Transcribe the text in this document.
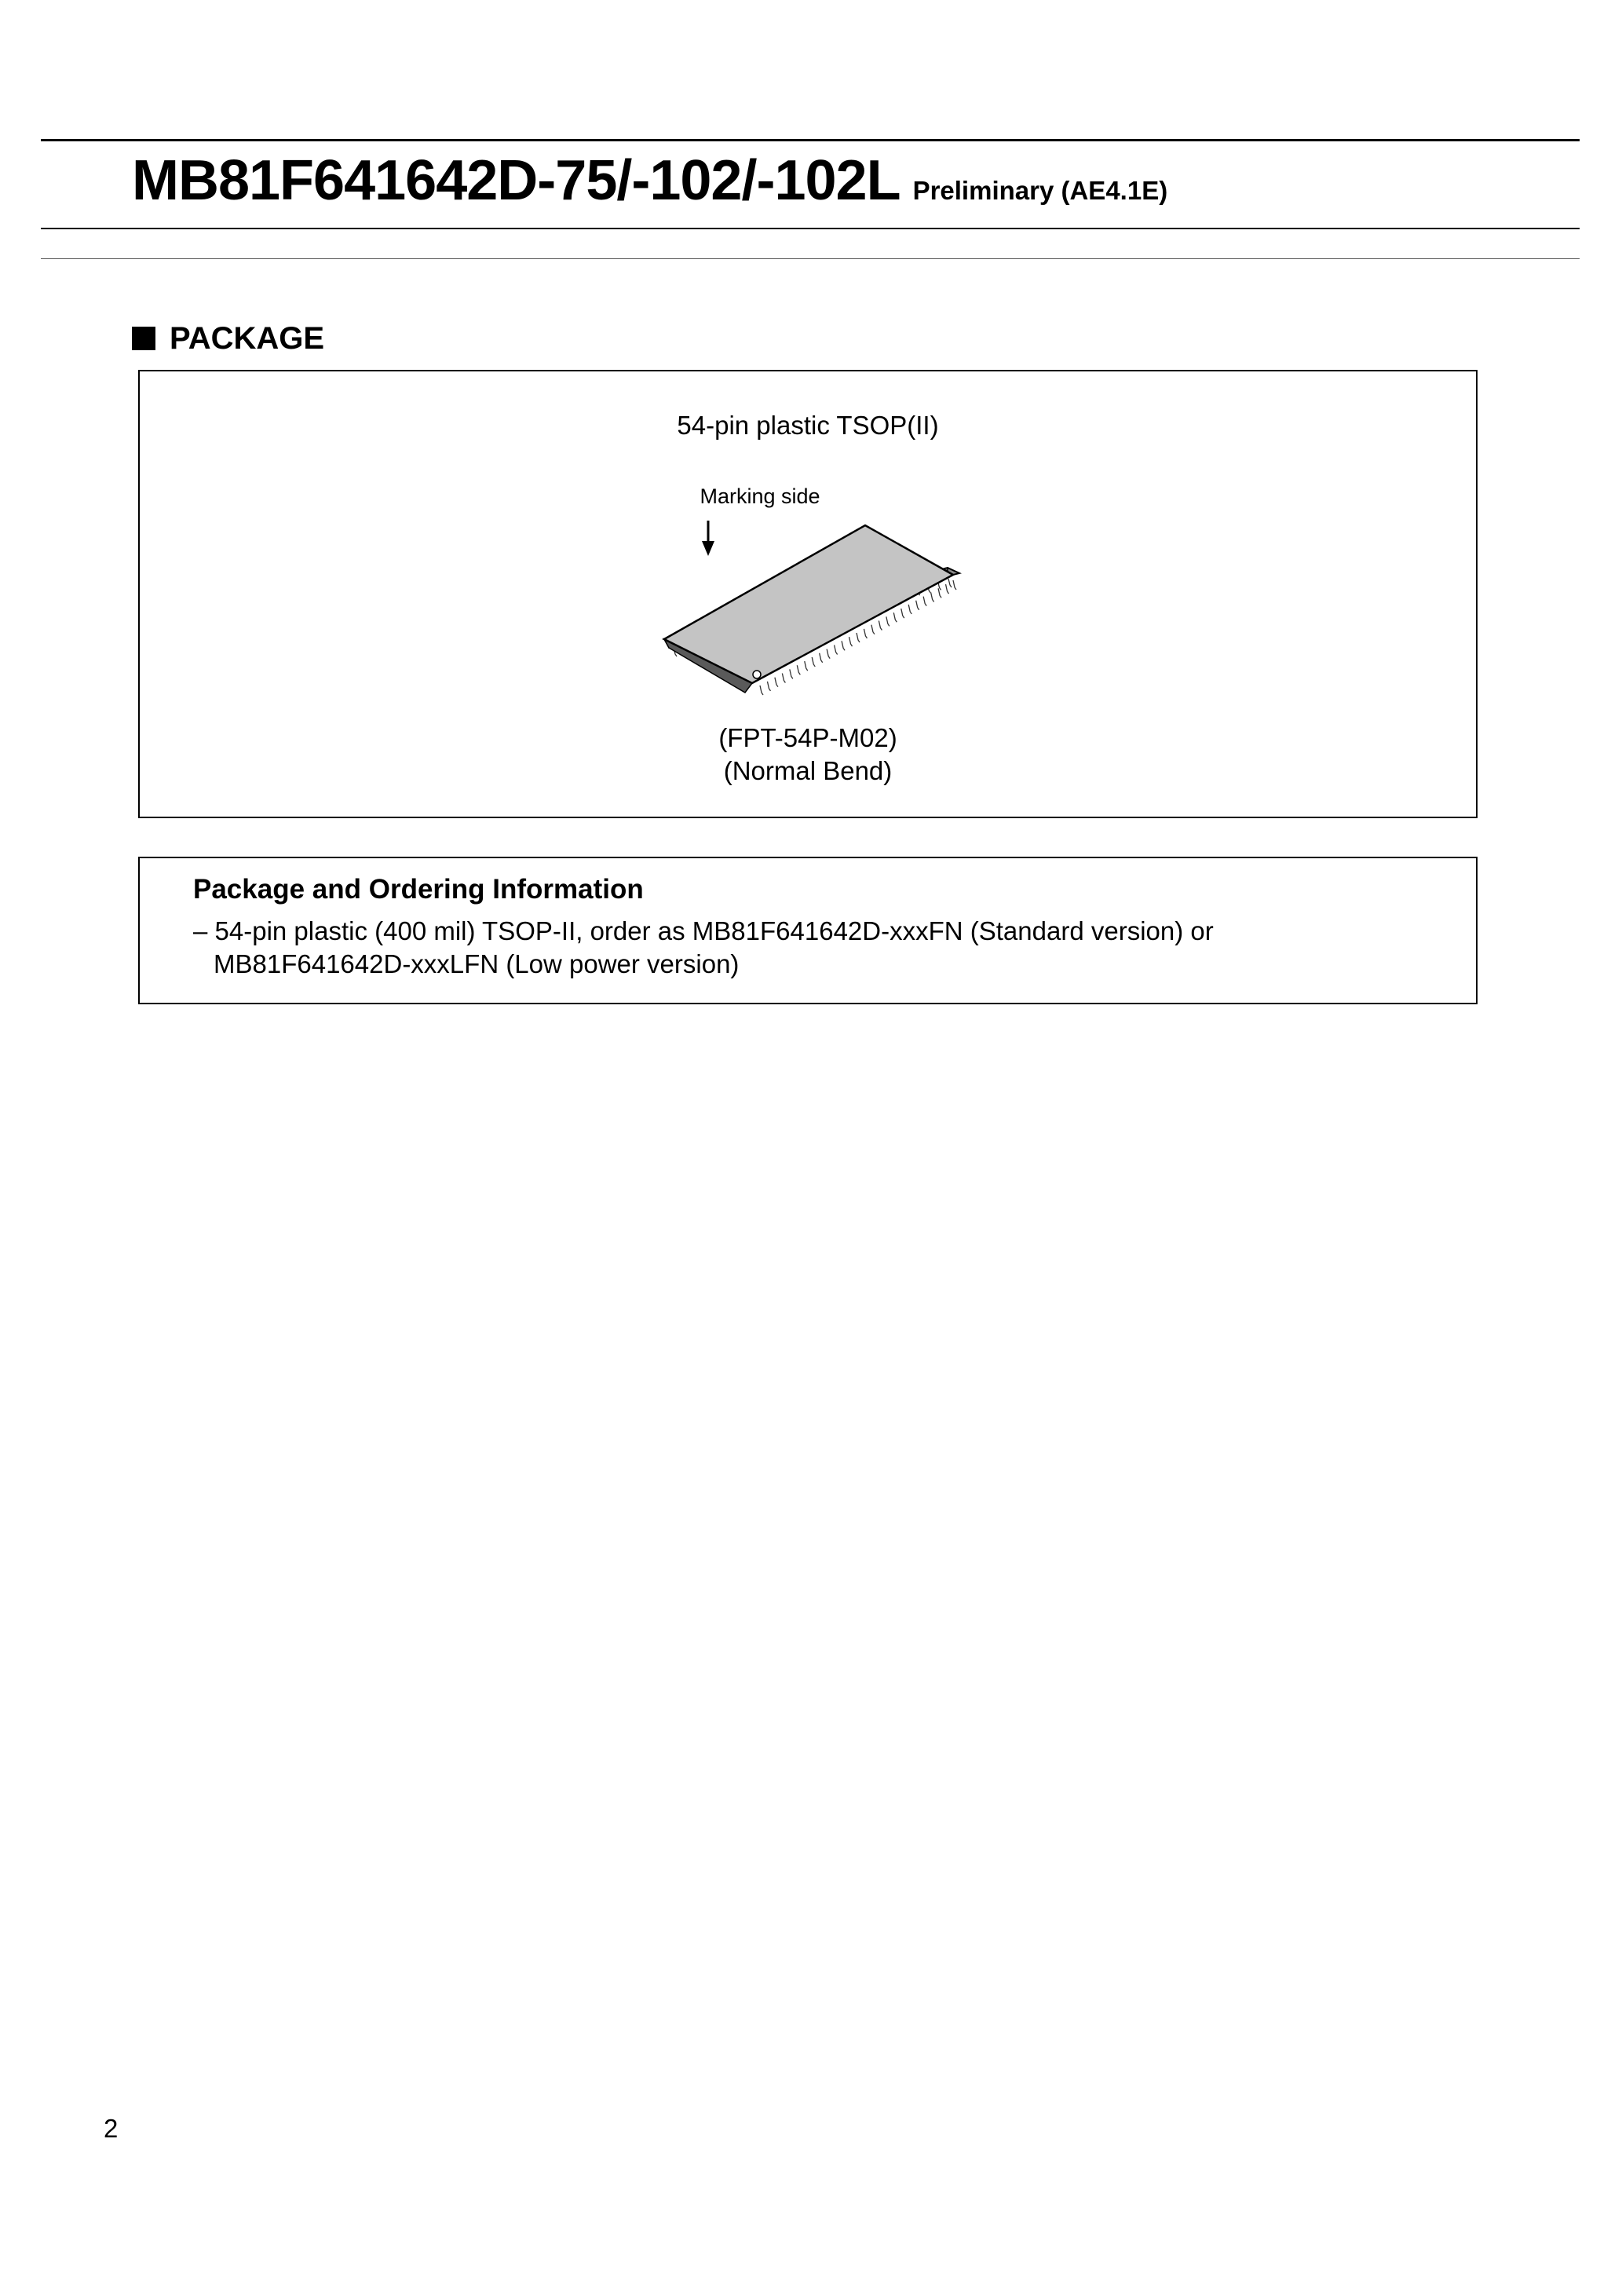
MB81F641642D-75/-102/-102L Preliminary (AE4.1E)
PACKAGE
54-pin plastic TSOP(II)
Marking side
(FPT-54P-M02)
(Normal Bend)
Package and Ordering Information
– 54-pin plastic (400 mil) TSOP-II, order as MB81F641642D-xxxFN (Standard version) or
MB81F641642D-xxxLFN (Low power version)
2
